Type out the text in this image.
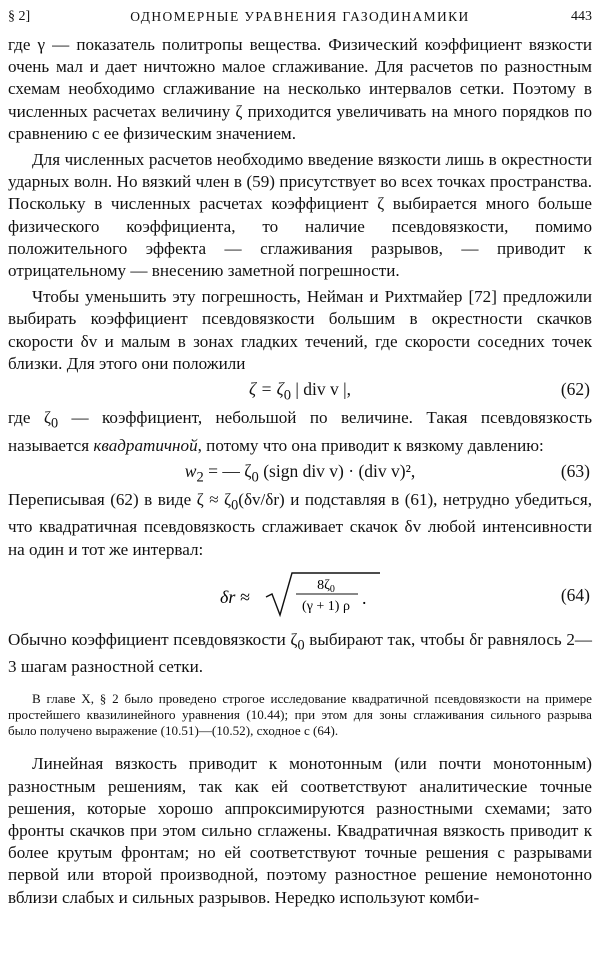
§ 2]	ОДНОМЕРНЫЕ УРАВНЕНИЯ ГАЗОДИНАМИКИ	443

где γ — показатель политропы вещества. Физический коэффициент вязкости очень мал и дает ничтожно малое сглаживание. Для расчетов по разностным схемам необходимо сглаживание на несколько интервалов сетки. Поэтому в численных расчетах величину ζ приходится увеличивать на много порядков по сравнению с ее физическим значением.

Для численных расчетов необходимо введение вязкости лишь в окрестности ударных волн. Но вязкий член в (59) присутствует во всех точках пространства. Поскольку в численных расчетах коэффициент ζ выбирается много больше физического коэффициента, то наличие псевдовязкости, помимо положительного эффекта — сглаживания разрывов, — приводит к отрицательному — внесению заметной погрешности.

Чтобы уменьшить эту погрешность, Нейман и Рихтмайер [72] предложили выбирать коэффициент псевдовязкости большим в окрестности скачков скорости δv и малым в зонах гладких течений, где скорости соседних точек близки. Для этого они положили

$\zeta = \zeta_0$ | div v |,	(62)

где $\zeta_0$ — коэффициент, небольшой по величине. Такая псевдовязкость называется квадратичной, потому что она приводит к вязкому давлению:

$w_2$ = — $\zeta_0$ (sign div v) · (div v)²,	(63)

Переписывая (62) в виде $\zeta \approx \zeta_0(\delta v/\delta r)$ и подставляя в (61), нетрудно убедиться, что квадратичная псевдовязкость сглаживает скачок δv любой интенсивности на один и тот же интервал:

δr ≈
$8\zeta_0$
(γ + 1) ρ .	(64)

Обычно коэффициент псевдовязкости $\zeta_0$ выбирают так, чтобы δr равнялось 2—3 шагам разностной сетки.

В главе X, § 2 было проведено строгое исследование квадратичной псевдовязкости на примере простейшего квазилинейного уравнения (10.44); при этом для зоны сглаживания сильного разрыва было получено выражение (10.51)—(10.52), сходное с (64).

Линейная вязкость приводит к монотонным (или почти монотонным) разностным решениям, так как ей соответствуют аналитические точные решения, которые хорошо аппроксимируются разностными схемами; зато фронты скачков при этом сильно сглажены. Квадратичная вязкость приводит к более крутым фронтам; но ей соответствуют точные решения с разрывами первой или второй производной, поэтому разностное решение немонотонно вблизи слабых и сильных разрывов. Нередко используют комби-
